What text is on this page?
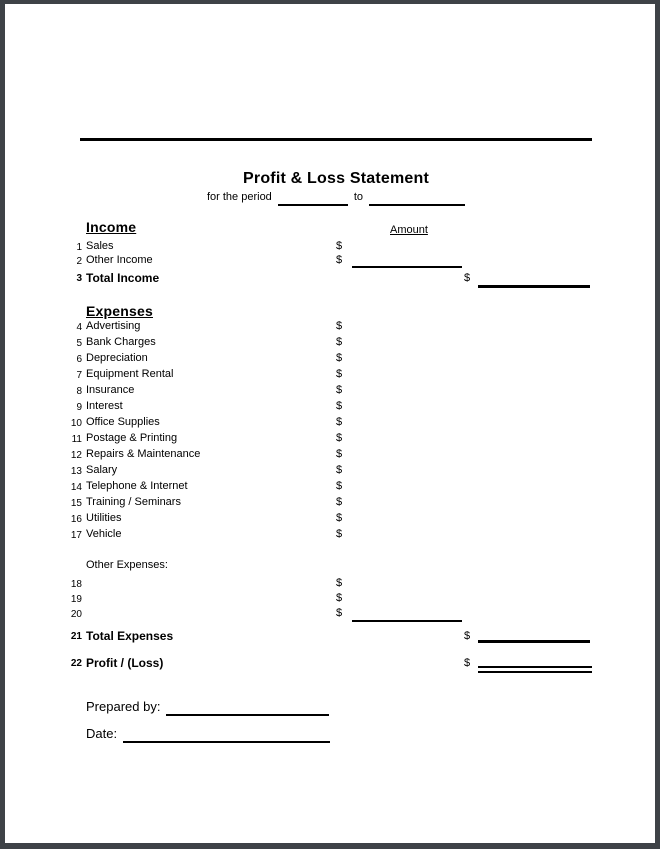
Profit & Loss Statement
for the period	to
Income	Amount
1 Sales	$
2 Other Income	$
3 Total Income	$
Expenses
4 Advertising	$
5 Bank Charges	$
6 Depreciation	$
7 Equipment Rental	$
8 Insurance	$
9 Interest	$
10 Office Supplies	$
11 Postage & Printing	$
12 Repairs & Maintenance	$
13 Salary	$
14 Telephone & Internet	$
15 Training / Seminars	$
16 Utilities	$
17 Vehicle	$
Other Expenses:
18	$
19	$
20	$
21 Total Expenses	$
22 Profit / (Loss)	$
Prepared by:
Date:
